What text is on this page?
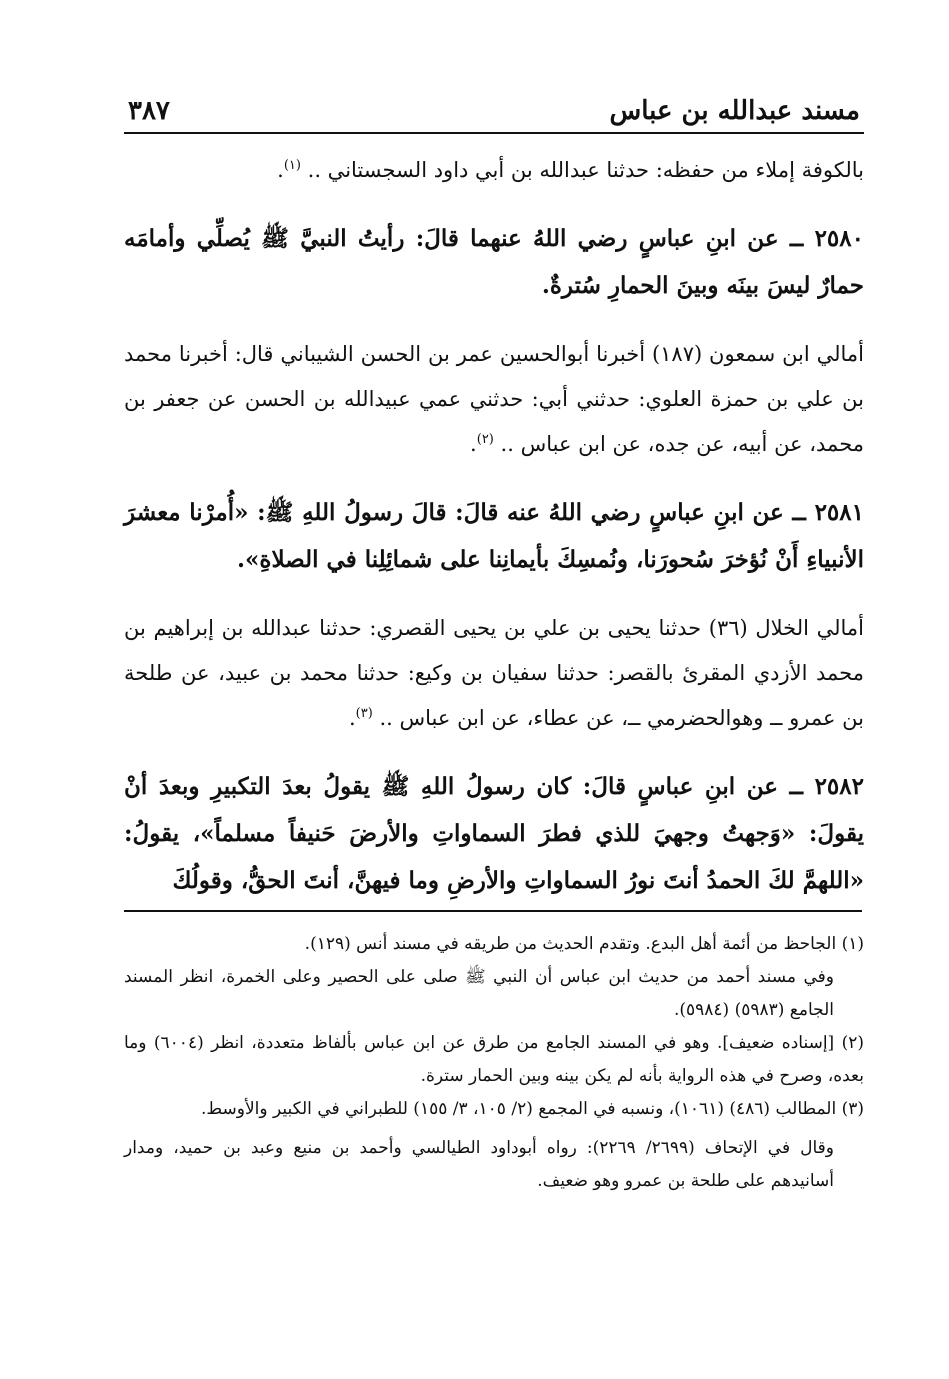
مسند عبدالله بن عباس
٣٨٧

بالكوفة إملاء من حفظه: حدثنا عبدالله بن أبي داود السجستاني .. $^{(١)}$.

٢٥٨٠ ــ عن ابنِ عباسٍ رضي اللهُ عنهما قالَ: رأيتُ النبيَّ ﷺ يُصلِّي وأمامَه حمارٌ ليسَ بينَه وبينَ الحمارِ سُترةٌ.

أمالي ابن سمعون (١٨٧) أخبرنا أبوالحسين عمر بن الحسن الشيباني قال: أخبرنا محمد بن علي بن حمزة العلوي: حدثني أبي: حدثني عمي عبيدالله بن الحسن عن جعفر بن محمد، عن أبيه، عن جده، عن ابن عباس .. $^{(٢)}$.

٢٥٨١ ــ عن ابنِ عباسٍ رضي اللهُ عنه قالَ: قالَ رسولُ اللهِ ﷺ: «أُمرْنا معشرَ الأنبياءِ أَنْ نُؤخرَ سُحورَنا، ونُمسِكَ بأيمانِنا على شمائِلِنا في الصلاةِ».

أمالي الخلال (٣٦) حدثنا يحيى بن علي بن يحيى القصري: حدثنا عبدالله بن إبراهيم بن محمد الأزدي المقرئ بالقصر: حدثنا سفيان بن وكيع: حدثنا محمد بن عبيد، عن طلحة بن عمرو ــ وهوالحضرمي ــ، عن عطاء، عن ابن عباس .. $^{(٣)}$.

٢٥٨٢ ــ عن ابنِ عباسٍ قالَ: كان رسولُ اللهِ ﷺ يقولُ بعدَ التكبيرِ وبعدَ أنْ يقولَ: «وَجهتُ وجهيَ للذي فطرَ السماواتِ والأرضَ حَنيفاً مسلماً»، يقولُ: «اللهمَّ لكَ الحمدُ أنتَ نورُ السماواتِ والأرضِ وما فيهنَّ، أنتَ الحقُّ، وقولُكَ

(١) الجاحظ من أئمة أهل البدع. وتقدم الحديث من طريقه في مسند أنس (١٢٩).

وفي مسند أحمد من حديث ابن عباس أن النبي ﷺ صلى على الحصير وعلى الخمرة، انظر المسند الجامع (٥٩٨٣) (٥٩٨٤).

(٢) [إسناده ضعيف]. وهو في المسند الجامع من طرق عن ابن عباس بألفاظ متعددة، انظر (٦٠٠٤) وما بعده، وصرح في هذه الرواية بأنه لم يكن بينه وبين الحمار سترة.

(٣) المطالب (٤٨٦) (١٠٦١)، ونسبه في المجمع (٢/ ١٠٥، ٣/ ١٥٥) للطبراني في الكبير والأوسط.

وقال في الإتحاف (٢٦٩٩/ ٢٢٦٩): رواه أبوداود الطيالسي وأحمد بن منيع وعبد بن حميد، ومدار أسانيدهم على طلحة بن عمرو وهو ضعيف.
